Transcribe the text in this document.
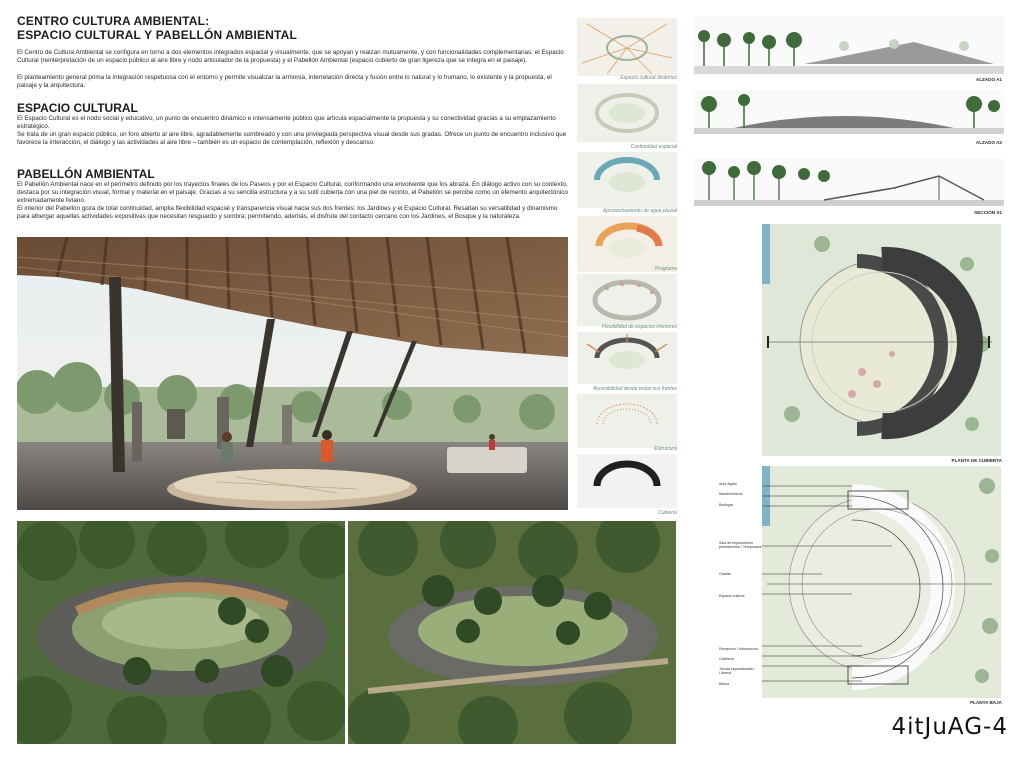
CENTRO CULTURA AMBIENTAL:
ESPACIO CULTURAL Y PABELLÓN AMBIENTAL
El Centro de Cultura Ambiental se configura en torno a dos elementos integrados espacial y visualmente, que se apoyan y realzan mutuamente, y con funcionalidades complementarias: el Espacio Cultural (reinterpretación de un espacio público al aire libre y nodo articulador de la propuesta) y el Pabellón Ambiental (espacio cubierto de gran ligereza que se integra en el paisaje).
El planteamiento general prima la integración respetuosa con el entorno y permite visualizar la armonía, interrelación directa y fusión entre lo natural y lo humano, lo existente y la propuesta, el paisaje y la arquitectura.
ESPACIO CULTURAL
El Espacio Cultural es el nodo social y educativo, un punto de encuentro dinámico e intensamente público que articula espacialmente la propuesta y su conectividad gracias a su emplazamiento estratégico.
Se trata de un gran espacio público, un foro abierto al aire libre, agradablemente sombreado y con una privilegiada perspectiva visual desde sus gradas. Ofrece un punto de encuentro inclusivo que favorece la interacción, el diálogo y las actividades al aire libre – también es un espacio de contemplación, reflexión y descanso.
PABELLÓN AMBIENTAL
El Pabellón Ambiental nace en el perímetro definido por los trayectos finales de los Paseos y por el Espacio Cultural, conformando una envolvente que los abraza. En diálogo activo con su contexto, destaca por su integración visual, formal y material en el paisaje. Gracias a su sencilla estructura y a su sutil cubierta con una piel de recinto, el Pabellón se percibe como un elemento arquitectónico extremadamente liviano.
El interior del Pabellón goza de total continuidad, amplia flexibilidad espacial y transparencia visual hacia sus dos frentes: los Jardines y el Espacio Cultural. Resaltan su versatilidad y dinamismo para albergar aquellas actividades expositivas que necesitan resguardo y sombra; permitiendo, además, el disfrute del contacto cercano con los Jardines, el Bosque y la naturaleza.
Espacio cultural dinámico
Continuidad espacial
Aprovechamiento de agua pluvial
Programa
Flexibilidad de espacios interiores
Accesibilidad desde todos sus frentes
Estructura
Cubierta
ALZADO A1
ALZADO A2
SECCIÓN S1
PLANTA DE CUBIERTA
Aula digital
Mantenimiento
Bodegas
Sala de exposiciones permanentes / Temporales
Gradas
Espacio cultural
Recepción / Información
Cafetería
Tienda especializada / Librería
Baños
PLANTA BAJA
4itJuAG-4
